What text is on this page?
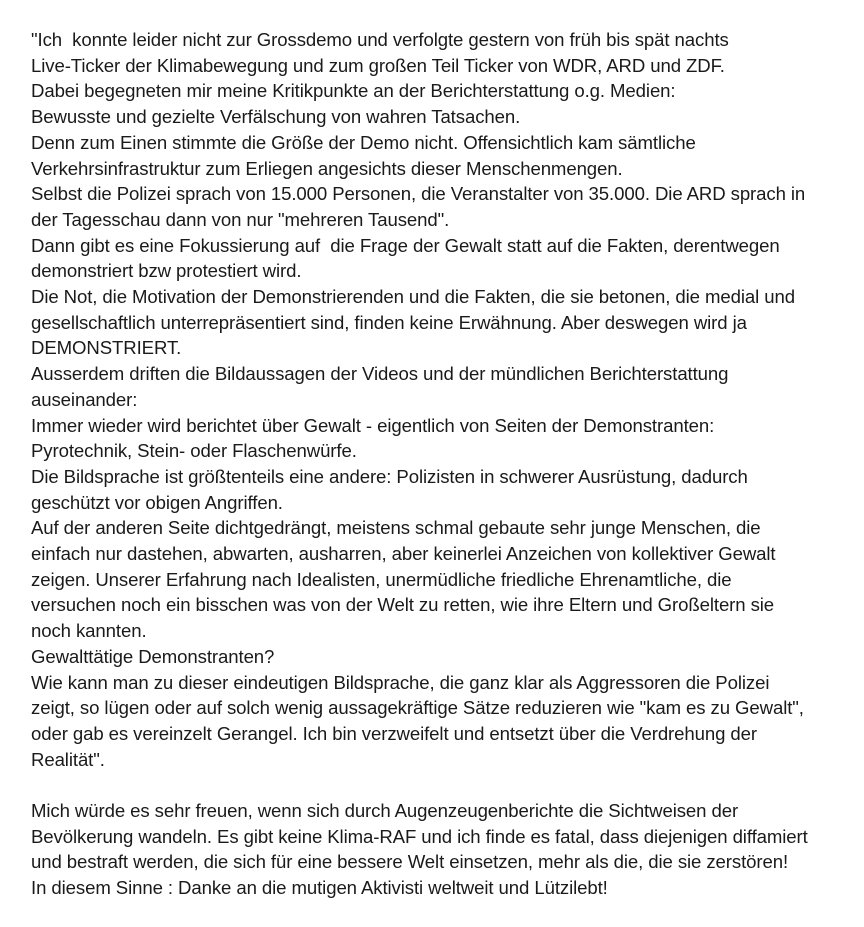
"Ich  konnte leider nicht zur Grossdemo und verfolgte gestern von früh bis spät nachts
Live-Ticker der Klimabewegung und zum großen Teil Ticker von WDR, ARD und ZDF.
Dabei begegneten mir meine Kritikpunkte an der Berichterstattung o.g. Medien:
Bewusste und gezielte Verfälschung von wahren Tatsachen.
Denn zum Einen stimmte die Größe der Demo nicht. Offensichtlich kam sämtliche
Verkehrsinfrastruktur zum Erliegen angesichts dieser Menschenmengen.
Selbst die Polizei sprach von 15.000 Personen, die Veranstalter von 35.000. Die ARD sprach in
der Tagesschau dann von nur "mehreren Tausend".
Dann gibt es eine Fokussierung auf  die Frage der Gewalt statt auf die Fakten, derentwegen
demonstriert bzw protestiert wird.
Die Not, die Motivation der Demonstrierenden und die Fakten, die sie betonen, die medial und
gesellschaftlich unterrepräsentiert sind, finden keine Erwähnung. Aber deswegen wird ja
DEMONSTRIERT.
Ausserdem driften die Bildaussagen der Videos und der mündlichen Berichterstattung
auseinander:
Immer wieder wird berichtet über Gewalt - eigentlich von Seiten der Demonstranten:
Pyrotechnik, Stein- oder Flaschenwürfe.
Die Bildsprache ist größtenteils eine andere: Polizisten in schwerer Ausrüstung, dadurch
geschützt vor obigen Angriffen.
Auf der anderen Seite dichtgedrängt, meistens schmal gebaute sehr junge Menschen, die
einfach nur dastehen, abwarten, ausharren, aber keinerlei Anzeichen von kollektiver Gewalt
zeigen. Unserer Erfahrung nach Idealisten, unermüdliche friedliche Ehrenamtliche, die
versuchen noch ein bisschen was von der Welt zu retten, wie ihre Eltern und Großeltern sie
noch kannten.
Gewalttätige Demonstranten?
Wie kann man zu dieser eindeutigen Bildsprache, die ganz klar als Aggressoren die Polizei
zeigt, so lügen oder auf solch wenig aussagekräftige Sätze reduzieren wie "kam es zu Gewalt",
oder gab es vereinzelt Gerangel. Ich bin verzweifelt und entsetzt über die Verdrehung der
Realität".
Mich würde es sehr freuen, wenn sich durch Augenzeugenberichte die Sichtweisen der
Bevölkerung wandeln. Es gibt keine Klima-RAF und ich finde es fatal, dass diejenigen diffamiert
und bestraft werden, die sich für eine bessere Welt einsetzen, mehr als die, die sie zerstören!
In diesem Sinne : Danke an die mutigen Aktivisti weltweit und Lützilebt!
